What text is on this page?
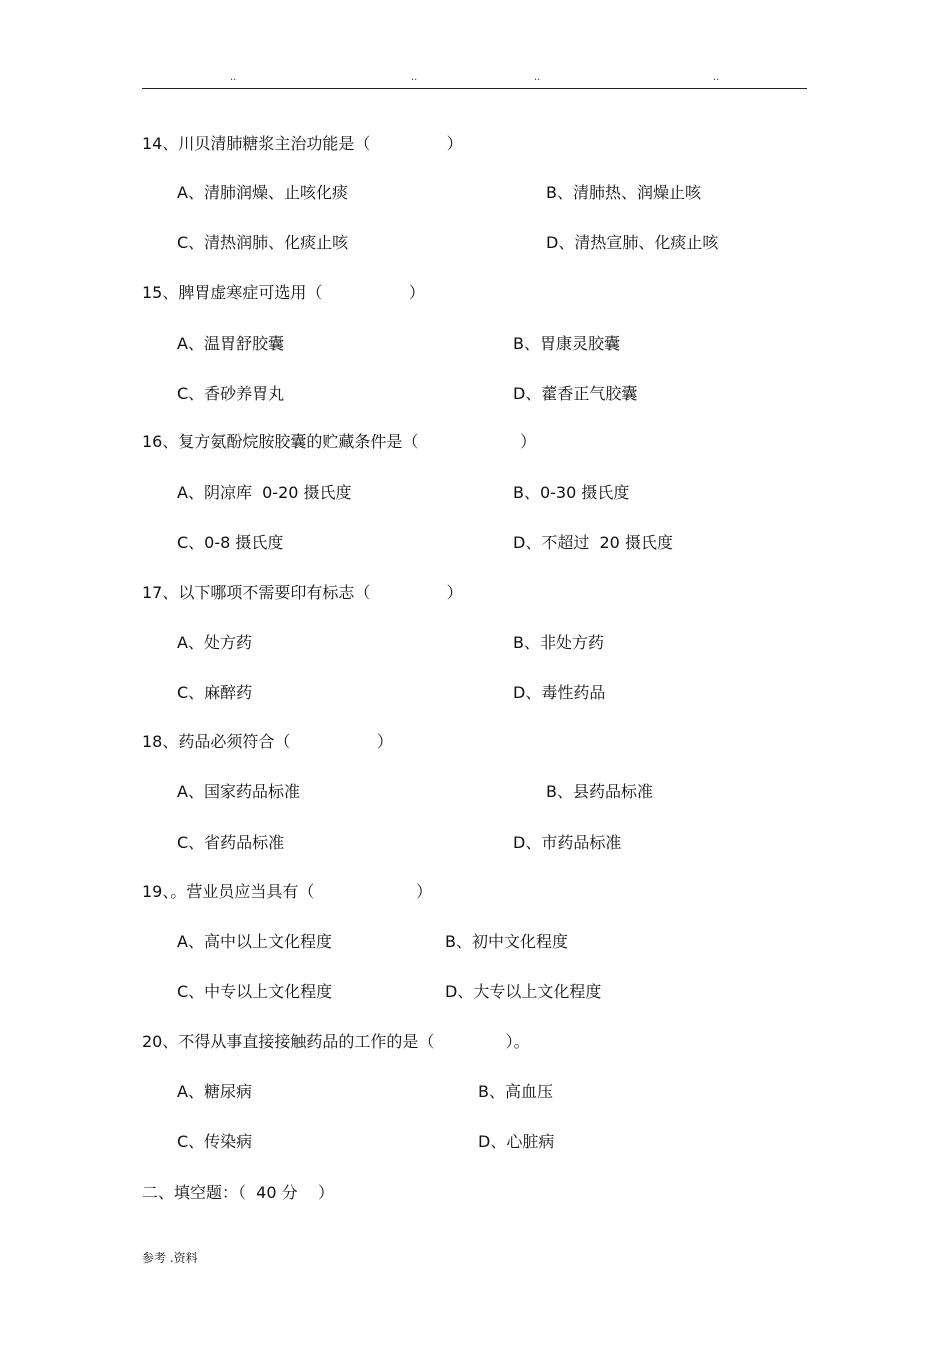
..	..	..	..
14、川贝清肺糖浆主治功能是（               ）
A、清肺润燥、止咳化痰	B、清肺热、润燥止咳
C、清热润肺、化痰止咳	D、清热宣肺、化痰止咳
15、脾胃虚寒症可选用（                 ）
A、温胃舒胶囊	B、胃康灵胶囊
C、香砂养胃丸	D、藿香正气胶囊
16、复方氨酚烷胺胶囊的贮藏条件是（                    ）
A、阴凉库  0-20 摄氏度	B、0-30 摄氏度
C、0-8 摄氏度	D、不超过  20 摄氏度
17、以下哪项不需要印有标志（               ）
A、处方药	B、非处方药
C、麻醉药	D、毒性药品
18、药品必须符合（                 ）
A、国家药品标准	B、县药品标准
C、省药品标准	D、市药品标准
19、。营业员应当具有（                    ）
A、高中以上文化程度	B、初中文化程度
C、中专以上文化程度	D、大专以上文化程度
20、不得从事直接接触药品的工作的是（              ）。
A、糖尿病	B、高血压
C、传染病	D、心脏病
二、填空题：（  40 分    ）
参考 .资料
